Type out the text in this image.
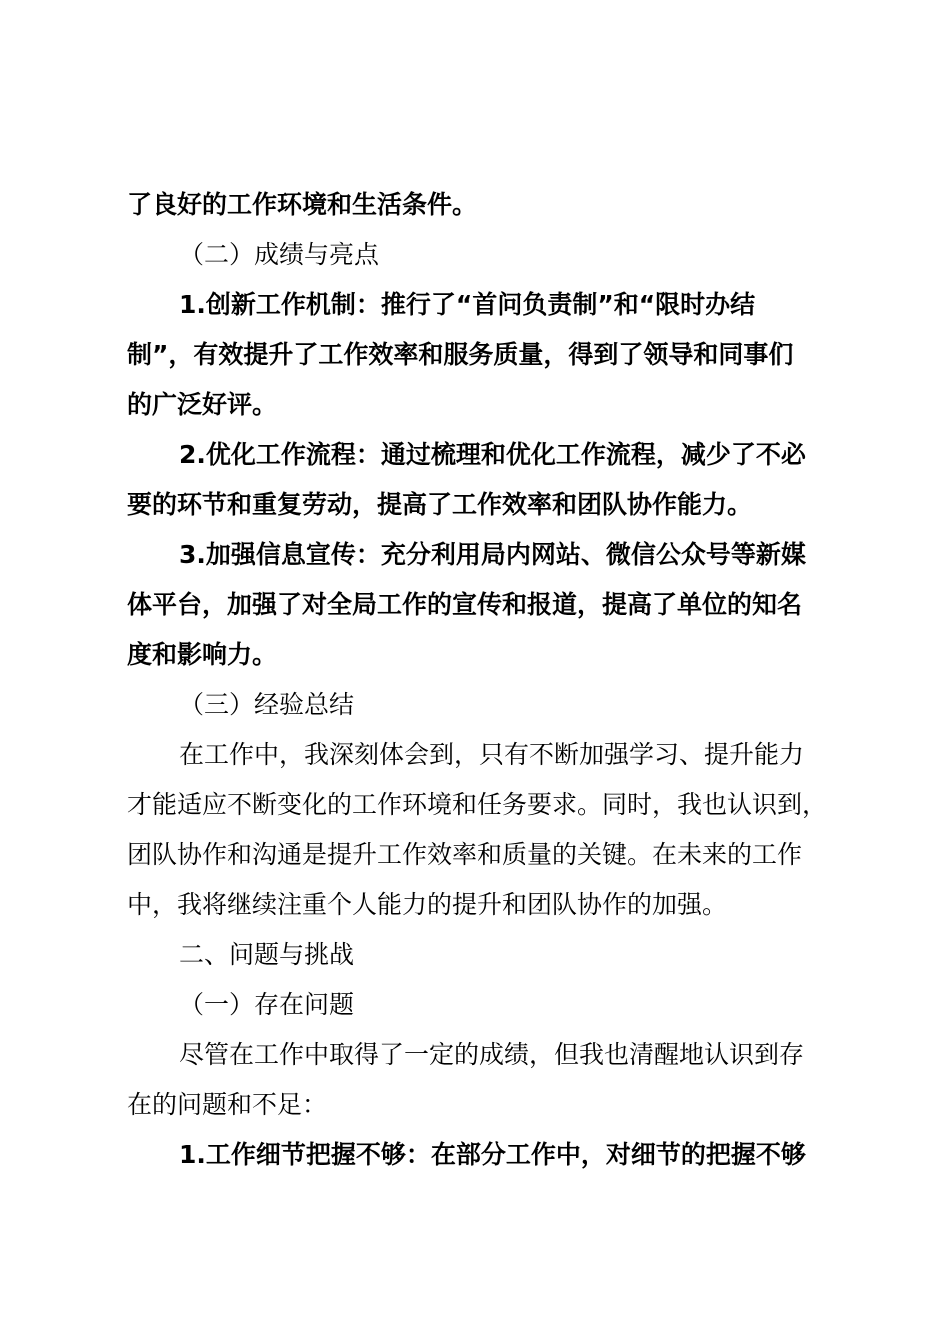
了良好的工作环境和生活条件。
（二）成绩与亮点
1.创新工作机制：推行了“首问负责制”和“限时办结
制”，有效提升了工作效率和服务质量，得到了领导和同事们
的广泛好评。
2.优化工作流程：通过梳理和优化工作流程，减少了不必
要的环节和重复劳动，提高了工作效率和团队协作能力。
3.加强信息宣传：充分利用局内网站、微信公众号等新媒
体平台，加强了对全局工作的宣传和报道，提高了单位的知名
度和影响力。
（三）经验总结
在工作中，我深刻体会到，只有不断加强学习、提升能力
才能适应不断变化的工作环境和任务要求。同时，我也认识到，
团队协作和沟通是提升工作效率和质量的关键。在未来的工作
中，我将继续注重个人能力的提升和团队协作的加强。
二、问题与挑战
（一）存在问题
尽管在工作中取得了一定的成绩，但我也清醒地认识到存
在的问题和不足：
1.工作细节把握不够：在部分工作中，对细节的把握不够
